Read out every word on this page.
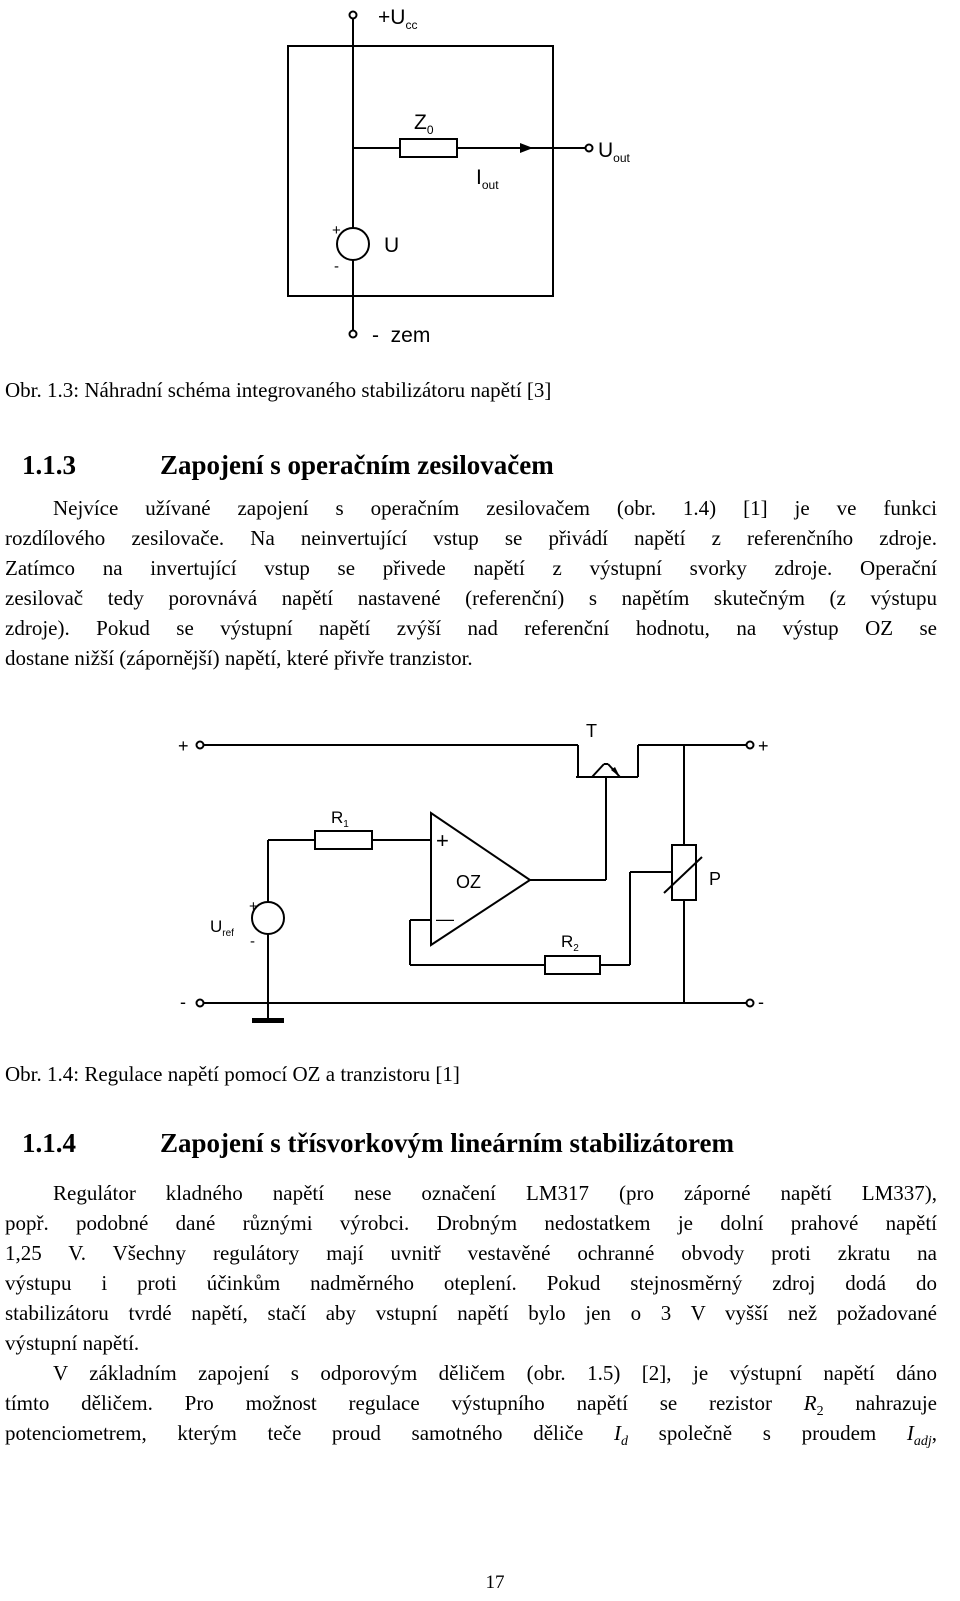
$+U_{cc}$
$Z_0$
$U_{out}$
$I_{out}$
+
-
U
-  zem
Obr. 1.3: Náhradní schéma integrovaného stabilizátoru napětí [3]
1.1.3	Zapojení s operačním zesilovačem
Nejvíce užívané zapojení s operačním zesilovačem (obr. 1.4) [1] je ve funkci
rozdílového zesilovače. Na neinvertující vstup se přivádí napětí z referenčního zdroje.
Zatímco na invertující vstup se přivede napětí z výstupní svorky zdroje. Operační
zesilovač tedy porovnává napětí nastavené (referenční) s napětím skutečným (z výstupu
zdroje). Pokud se výstupní napětí zvýší nad referenční hodnotu, na výstup OZ se
dostane nižší (zápornější) napětí, které přivře tranzistor.
+	+
T
$R_1$
+
OZ
—
P
+
-
$U_{ref}$	$R_2$
-	-
Obr. 1.4: Regulace napětí pomocí OZ a tranzistoru [1]
1.1.4	Zapojení s třísvorkovým lineárním stabilizátorem
Regulátor kladného napětí nese označení LM317 (pro záporné napětí LM337),
popř. podobné dané různými výrobci. Drobným nedostatkem je dolní prahové napětí
1,25 V. Všechny regulátory mají uvnitř vestavěné ochranné obvody proti zkratu na
výstupu i proti účinkům nadměrného oteplení. Pokud stejnosměrný zdroj dodá do
stabilizátoru tvrdé napětí, stačí aby vstupní napětí bylo jen o 3 V vyšší než požadované
výstupní napětí.
V základním zapojení s odporovým děličem (obr. 1.5) [2], je výstupní napětí dáno
tímto děličem. Pro možnost regulace výstupního napětí se rezistor $R_2$ nahrazuje
potenciometrem, kterým teče proud samotného děliče $I_d$ společně s proudem $I_{adj}$,
17
